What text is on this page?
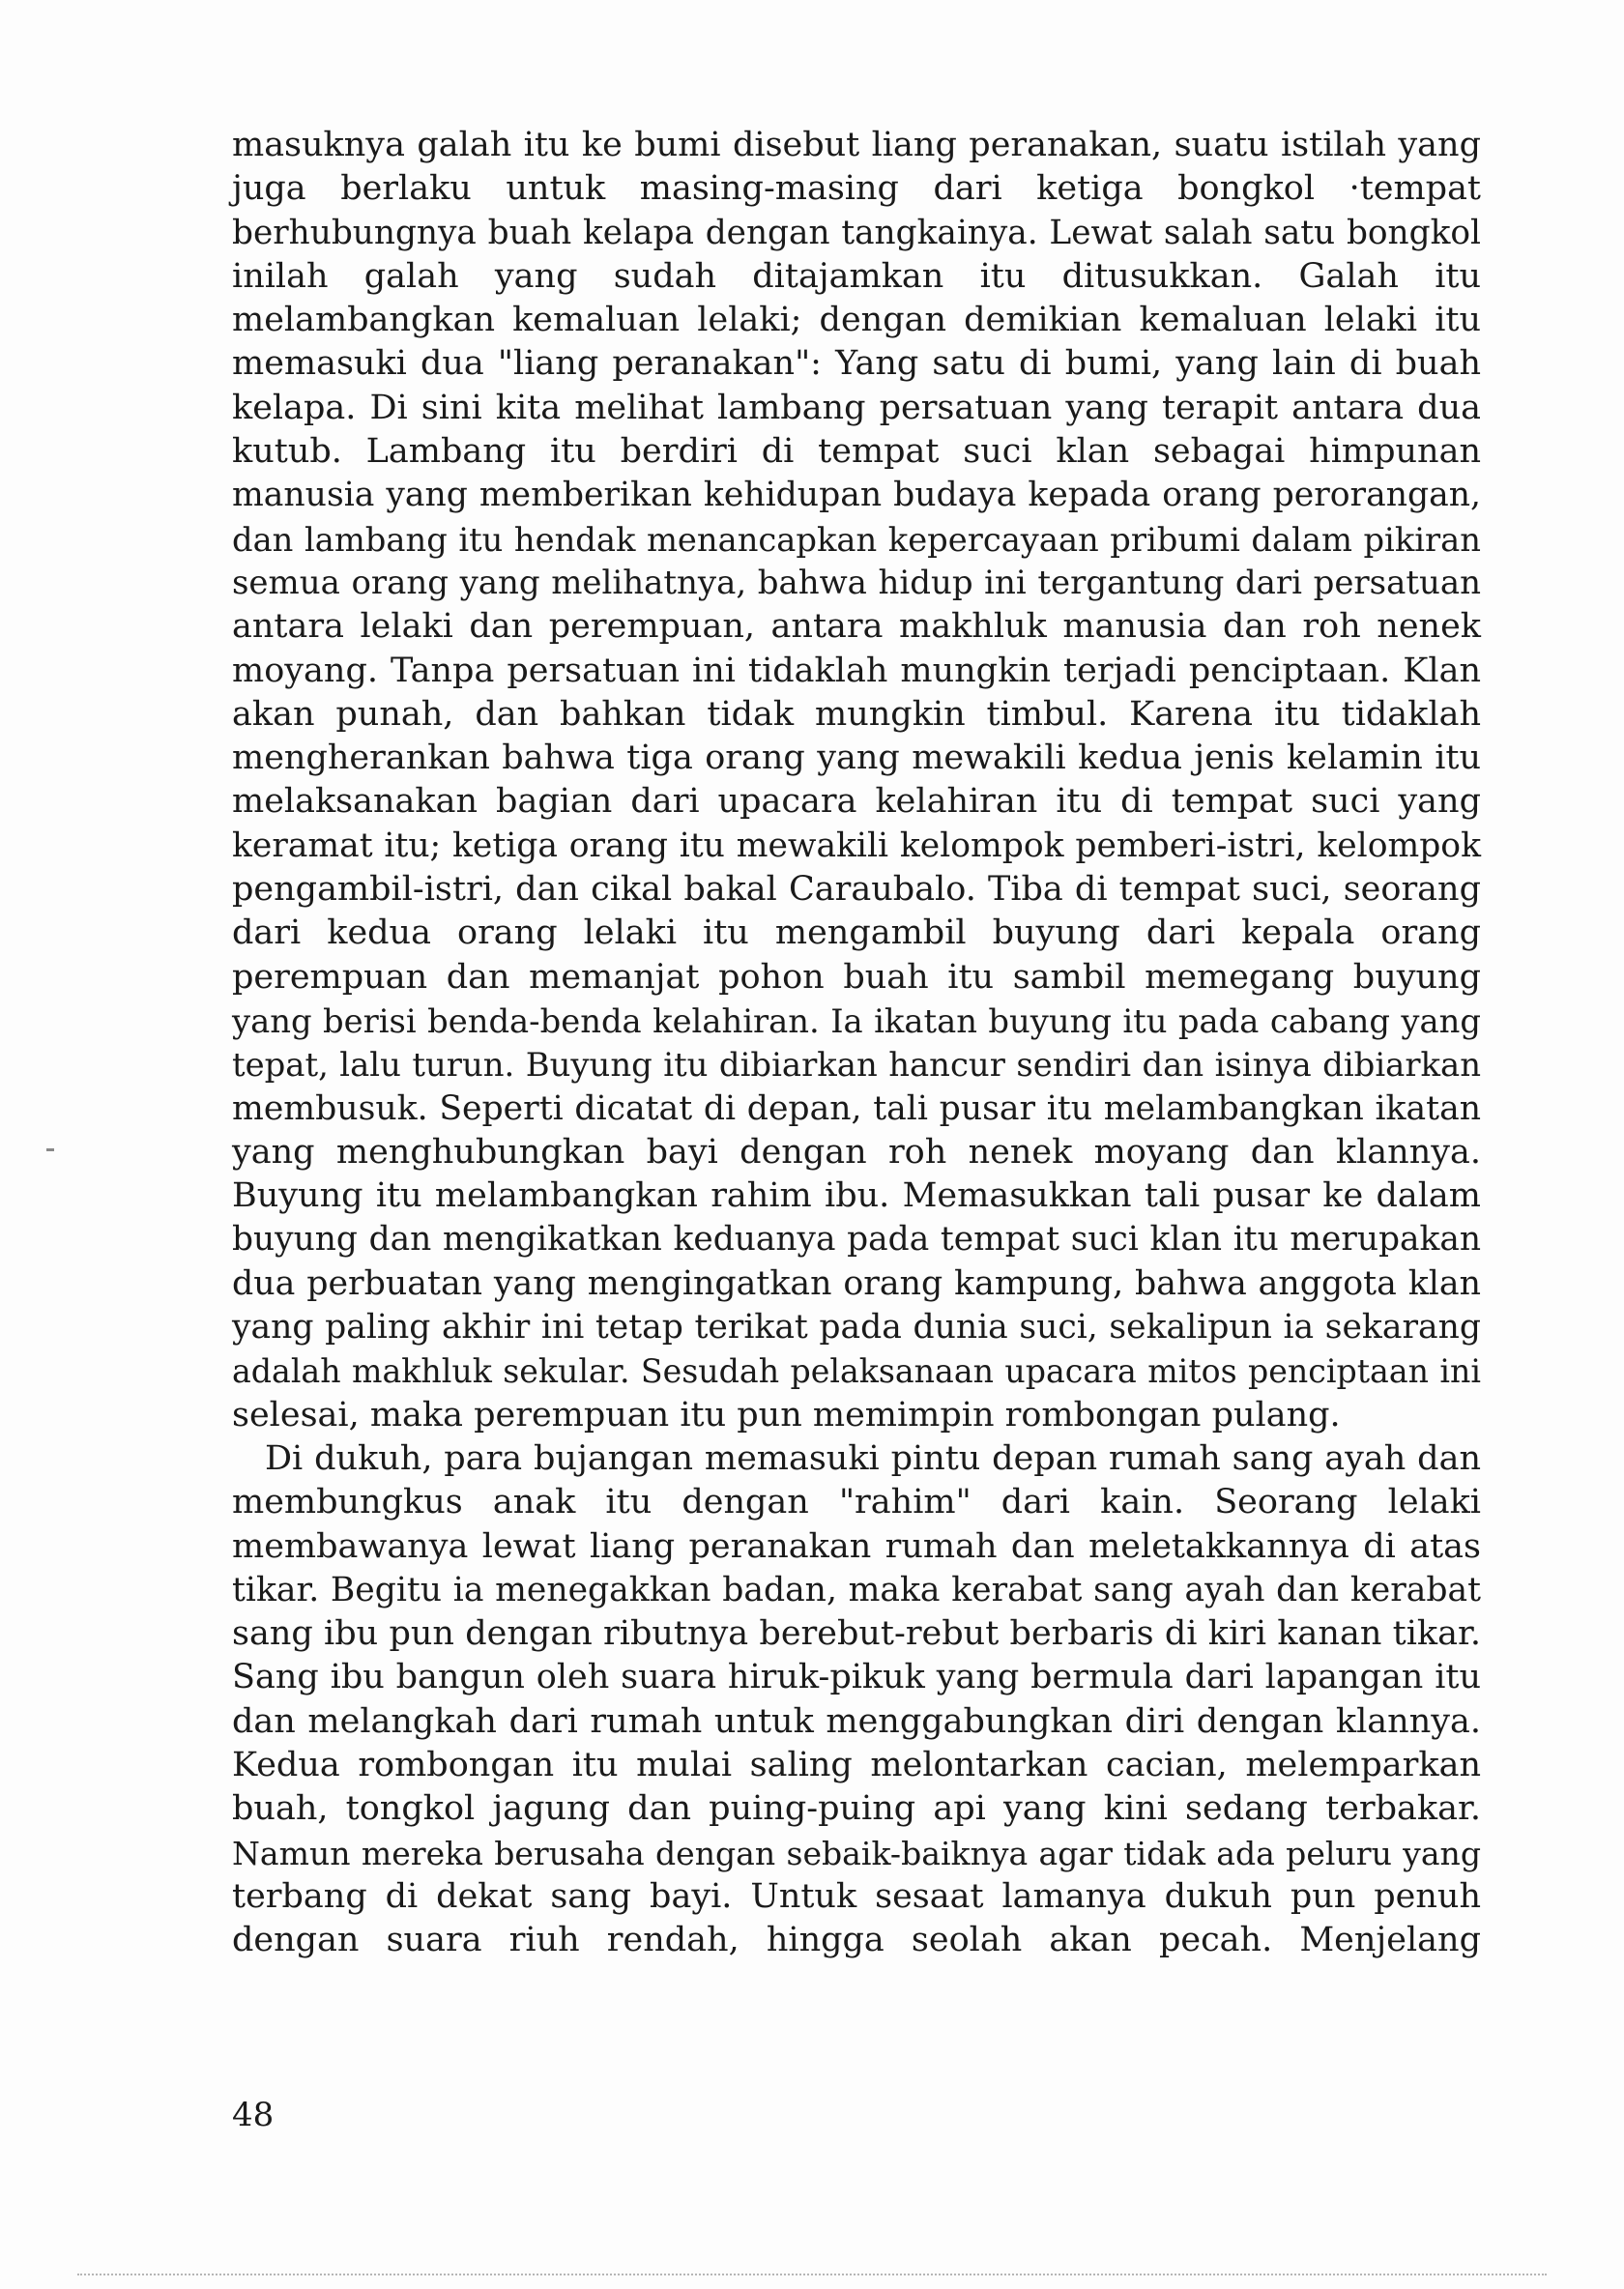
masuknya galah itu ke bumi disebut liang peranakan, suatu istilah yang
juga berlaku untuk masing-masing dari ketiga bongkol ·tempat
berhubungnya buah kelapa dengan tangkainya. Lewat salah satu bongkol
inilah galah yang sudah ditajamkan itu ditusukkan. Galah itu
melambangkan kemaluan lelaki; dengan demikian kemaluan lelaki itu
memasuki dua "liang peranakan": Yang satu di bumi, yang lain di buah
kelapa. Di sini kita melihat lambang persatuan yang terapit antara dua
kutub. Lambang itu berdiri di tempat suci klan sebagai himpunan
manusia yang memberikan kehidupan budaya kepada orang perorangan,
dan lambang itu hendak menancapkan kepercayaan pribumi dalam pikiran
semua orang yang melihatnya, bahwa hidup ini tergantung dari persatuan
antara lelaki dan perempuan, antara makhluk manusia dan roh nenek
moyang. Tanpa persatuan ini tidaklah mungkin terjadi penciptaan. Klan
akan punah, dan bahkan tidak mungkin timbul. Karena itu tidaklah
mengherankan bahwa tiga orang yang mewakili kedua jenis kelamin itu
melaksanakan bagian dari upacara kelahiran itu di tempat suci yang
keramat itu; ketiga orang itu mewakili kelompok pemberi-istri, kelompok
pengambil-istri, dan cikal bakal Caraubalo. Tiba di tempat suci, seorang
dari kedua orang lelaki itu mengambil buyung dari kepala orang
perempuan dan memanjat pohon buah itu sambil memegang buyung
yang berisi benda-benda kelahiran. Ia ikatan buyung itu pada cabang yang
tepat, lalu turun. Buyung itu dibiarkan hancur sendiri dan isinya dibiarkan
membusuk. Seperti dicatat di depan, tali pusar itu melambangkan ikatan
yang menghubungkan bayi dengan roh nenek moyang dan klannya.
Buyung itu melambangkan rahim ibu. Memasukkan tali pusar ke dalam
buyung dan mengikatkan keduanya pada tempat suci klan itu merupakan
dua perbuatan yang mengingatkan orang kampung, bahwa anggota klan
yang paling akhir ini tetap terikat pada dunia suci, sekalipun ia sekarang
adalah makhluk sekular. Sesudah pelaksanaan upacara mitos penciptaan ini
selesai, maka perempuan itu pun memimpin rombongan pulang.
Di dukuh, para bujangan memasuki pintu depan rumah sang ayah dan
membungkus anak itu dengan "rahim" dari kain. Seorang lelaki
membawanya lewat liang peranakan rumah dan meletakkannya di atas
tikar. Begitu ia menegakkan badan, maka kerabat sang ayah dan kerabat
sang ibu pun dengan ributnya berebut-rebut berbaris di kiri kanan tikar.
Sang ibu bangun oleh suara hiruk-pikuk yang bermula dari lapangan itu
dan melangkah dari rumah untuk menggabungkan diri dengan klannya.
Kedua rombongan itu mulai saling melontarkan cacian, melemparkan
buah, tongkol jagung dan puing-puing api yang kini sedang terbakar.
Namun mereka berusaha dengan sebaik-baiknya agar tidak ada peluru yang
terbang di dekat sang bayi. Untuk sesaat lamanya dukuh pun penuh
dengan suara riuh rendah, hingga seolah akan pecah. Menjelang
48
